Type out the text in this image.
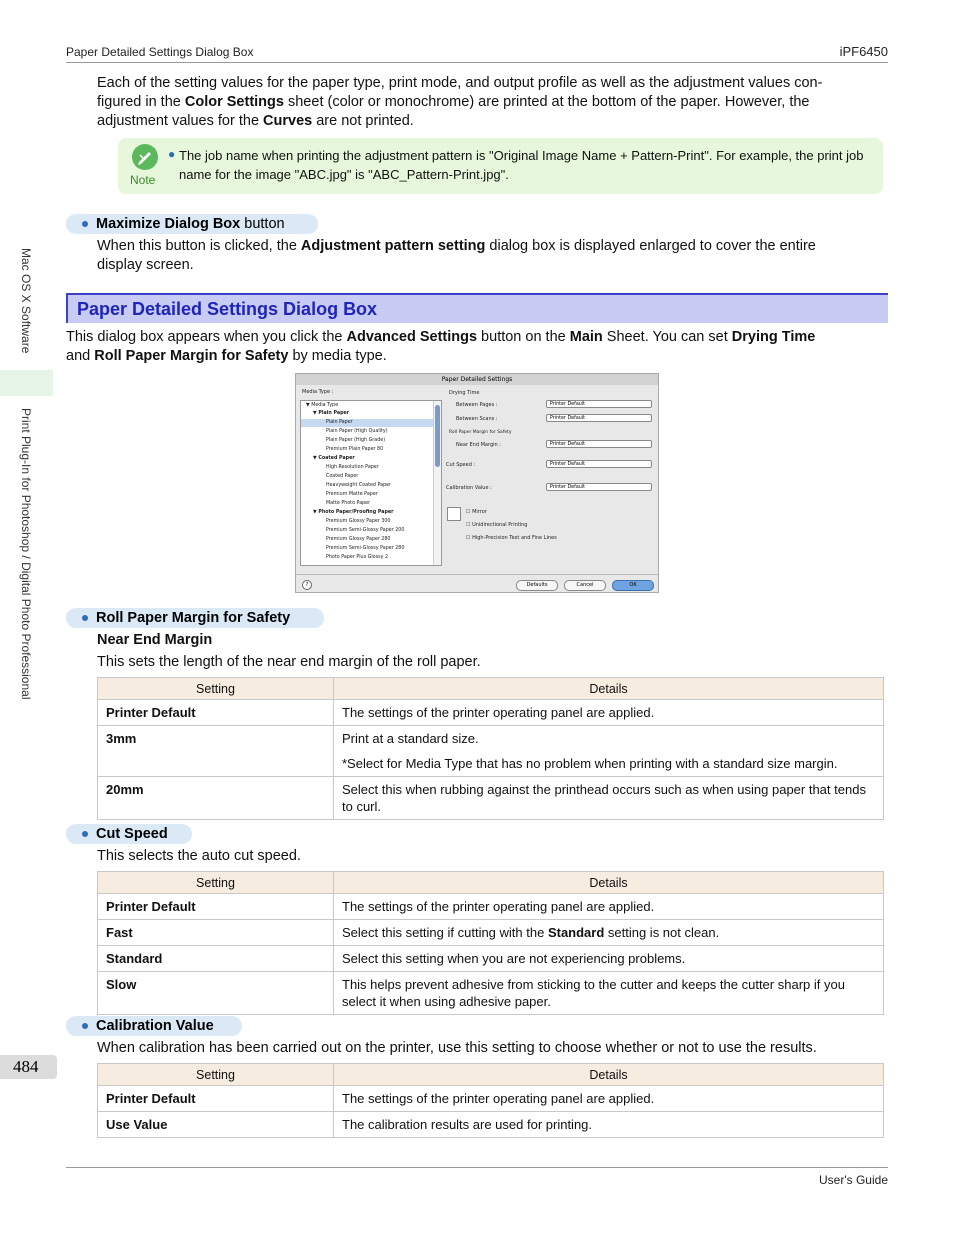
Paper Detailed Settings Dialog Box	iPF6450
Each of the setting values for the paper type, print mode, and output profile as well as the adjustment values con-
figured in the Color Settings sheet (color or monochrome) are printed at the bottom of the paper. However, the
adjustment values for the Curves are not printed.
Note
● The job name when printing the adjustment pattern is "Original Image Name + Pattern-Print". For example, the print job
name for the image "ABC.jpg" is "ABC_Pattern-Print.jpg".
Maximize Dialog Box button
When this button is clicked, the Adjustment pattern setting dialog box is displayed enlarged to cover the entire
display screen.
Paper Detailed Settings Dialog Box
This dialog box appears when you click the Advanced Settings button on the Main Sheet. You can set Drying Time
and Roll Paper Margin for Safety by media type.
Paper Detailed Settings
Media Type :
▼ Media Type
▼ Plain Paper
Plain Paper
Plain Paper (High Quality)
Plain Paper (High Grade)
Premium Plain Paper 80
▼ Coated Paper
High Resolution Paper
Coated Paper
Heavyweight Coated Paper
Premium Matte Paper
Matte Photo Paper
▼ Photo Paper/Proofing Paper
Premium Glossy Paper 300
Premium Semi-Glossy Paper 200
Premium Glossy Paper 280
Premium Semi-Glossy Paper 280
Photo Paper Plus Glossy 2
Drying Time
Between Pages :	Printer Default
Between Scans :	Printer Default
Roll Paper Margin for Safety
Near End Margin :	Printer Default
Cut Speed :	Printer Default
Calibration Value :	Printer Default
☐ Mirror
☐ Unidirectional Printing
☐ High-Precision Text and Fine Lines
?	Defaults	Cancel	OK
Roll Paper Margin for Safety
Near End Margin
This sets the length of the near end margin of the roll paper.
Setting	Details
Printer Default	The settings of the printer operating panel are applied.
3mm	Print at a standard size.
*Select for Media Type that has no problem when printing with a standard size margin.

20mm	Select this when rubbing against the printhead occurs such as when using paper that tends to curl.
Cut Speed
This selects the auto cut speed.
Setting	Details
Printer Default	The settings of the printer operating panel are applied.
Fast	Select this setting if cutting with the Standard setting is not clean.
Standard	Select this setting when you are not experiencing problems.
Slow	This helps prevent adhesive from sticking to the cutter and keeps the cutter sharp if you select it when using adhesive paper.
Calibration Value
When calibration has been carried out on the printer, use this setting to choose whether or not to use the results.
Setting	Details
Printer Default	The settings of the printer operating panel are applied.
Use Value	The calibration results are used for printing.
Mac OS X Software
Print Plug-In for Photoshop / Digital Photo Professional
484
User's Guide
